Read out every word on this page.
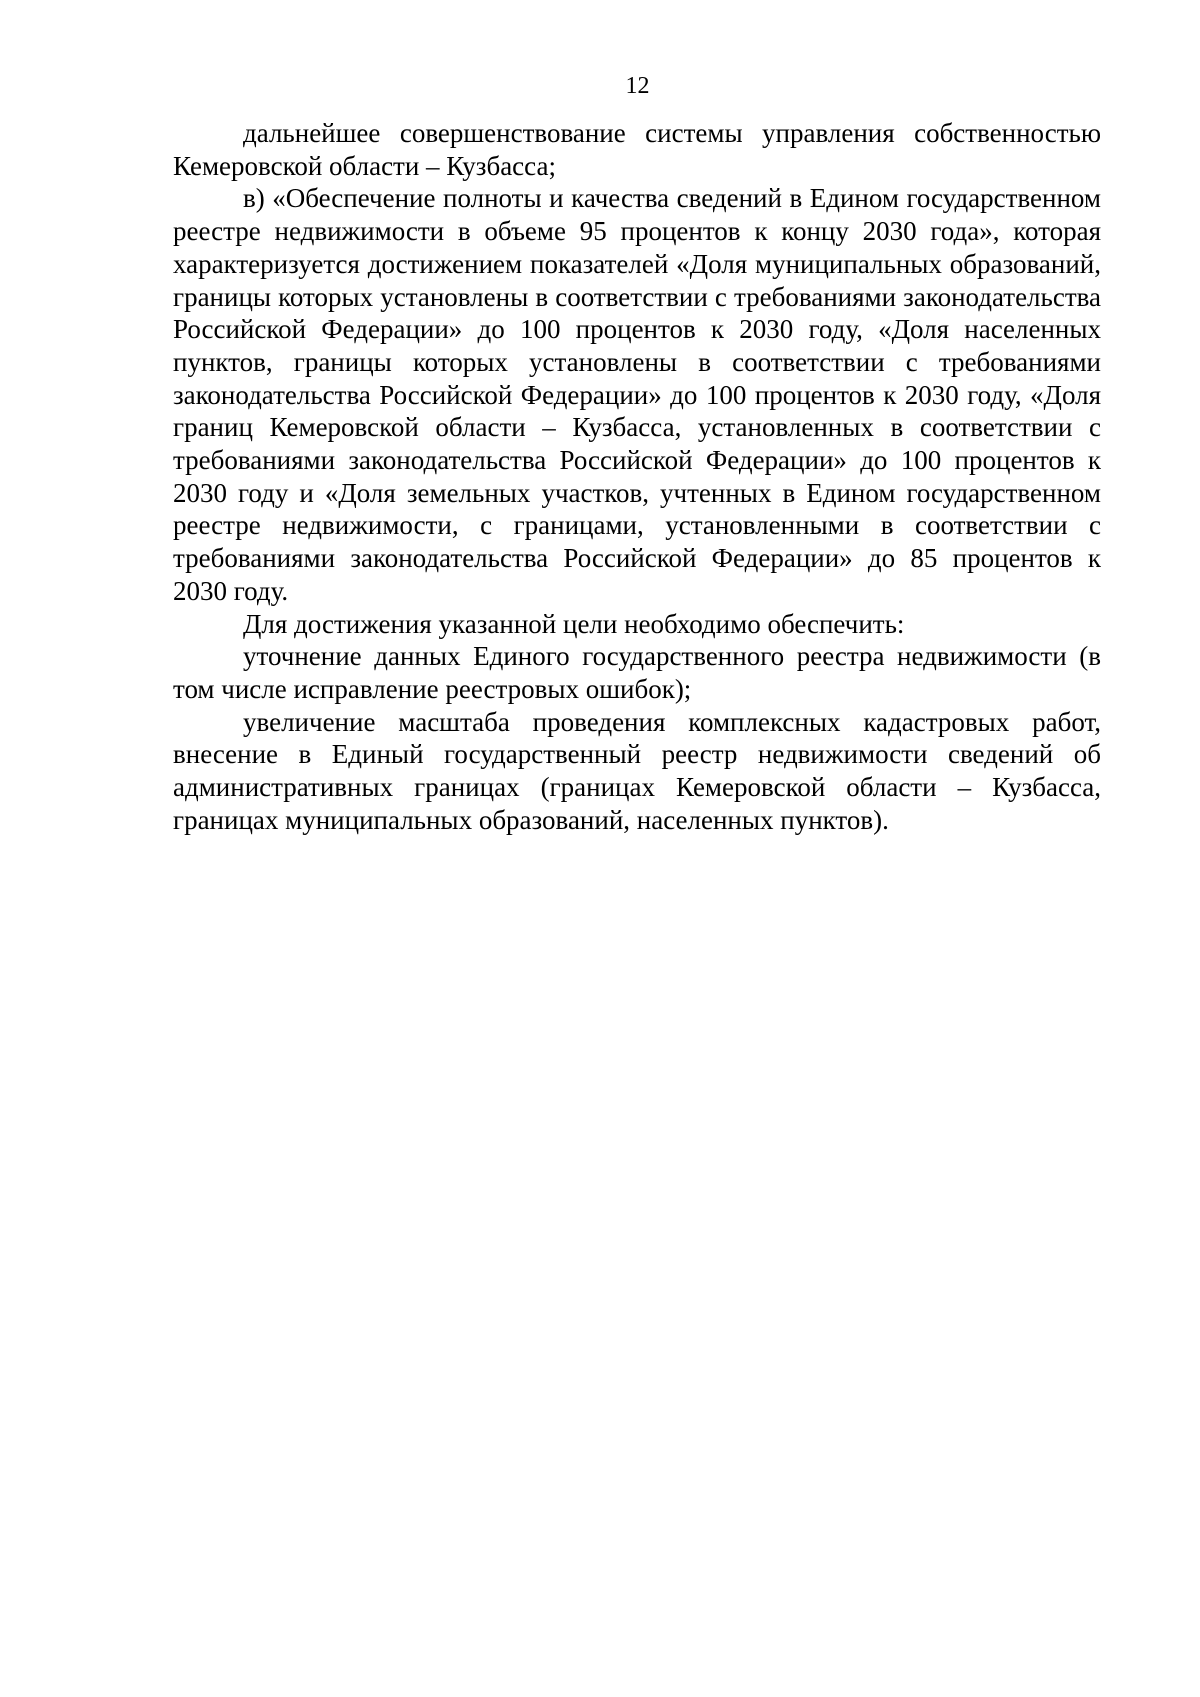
12

дальнейшее совершенствование системы управления собственностью Кемеровской области – Кузбасса;

в) «Обеспечение полноты и качества сведений в Едином государственном реестре недвижимости в объеме 95 процентов к концу 2030 года», которая характеризуется достижением показателей «Доля муниципальных образований, границы которых установлены в соответствии с требованиями законодательства Российской Федерации» до 100 процентов к 2030 году, «Доля населенных пунктов, границы которых установлены в соответствии с требованиями законодательства Российской Федерации» до 100 процентов к 2030 году, «Доля границ Кемеровской области – Кузбасса, установленных в соответствии с требованиями законодательства Российской Федерации» до 100 процентов к 2030 году и «Доля земельных участков, учтенных в Едином государственном реестре недвижимости, с границами, установленными в соответствии с требованиями законодательства Российской Федерации» до 85 процентов к 2030 году.

Для достижения указанной цели необходимо обеспечить:

уточнение данных Единого государственного реестра недвижимости (в том числе исправление реестровых ошибок);

увеличение масштаба проведения комплексных кадастровых работ, внесение в Единый государственный реестр недвижимости сведений об административных границах (границах Кемеровской области – Кузбасса, границах муниципальных образований, населенных пунктов).
